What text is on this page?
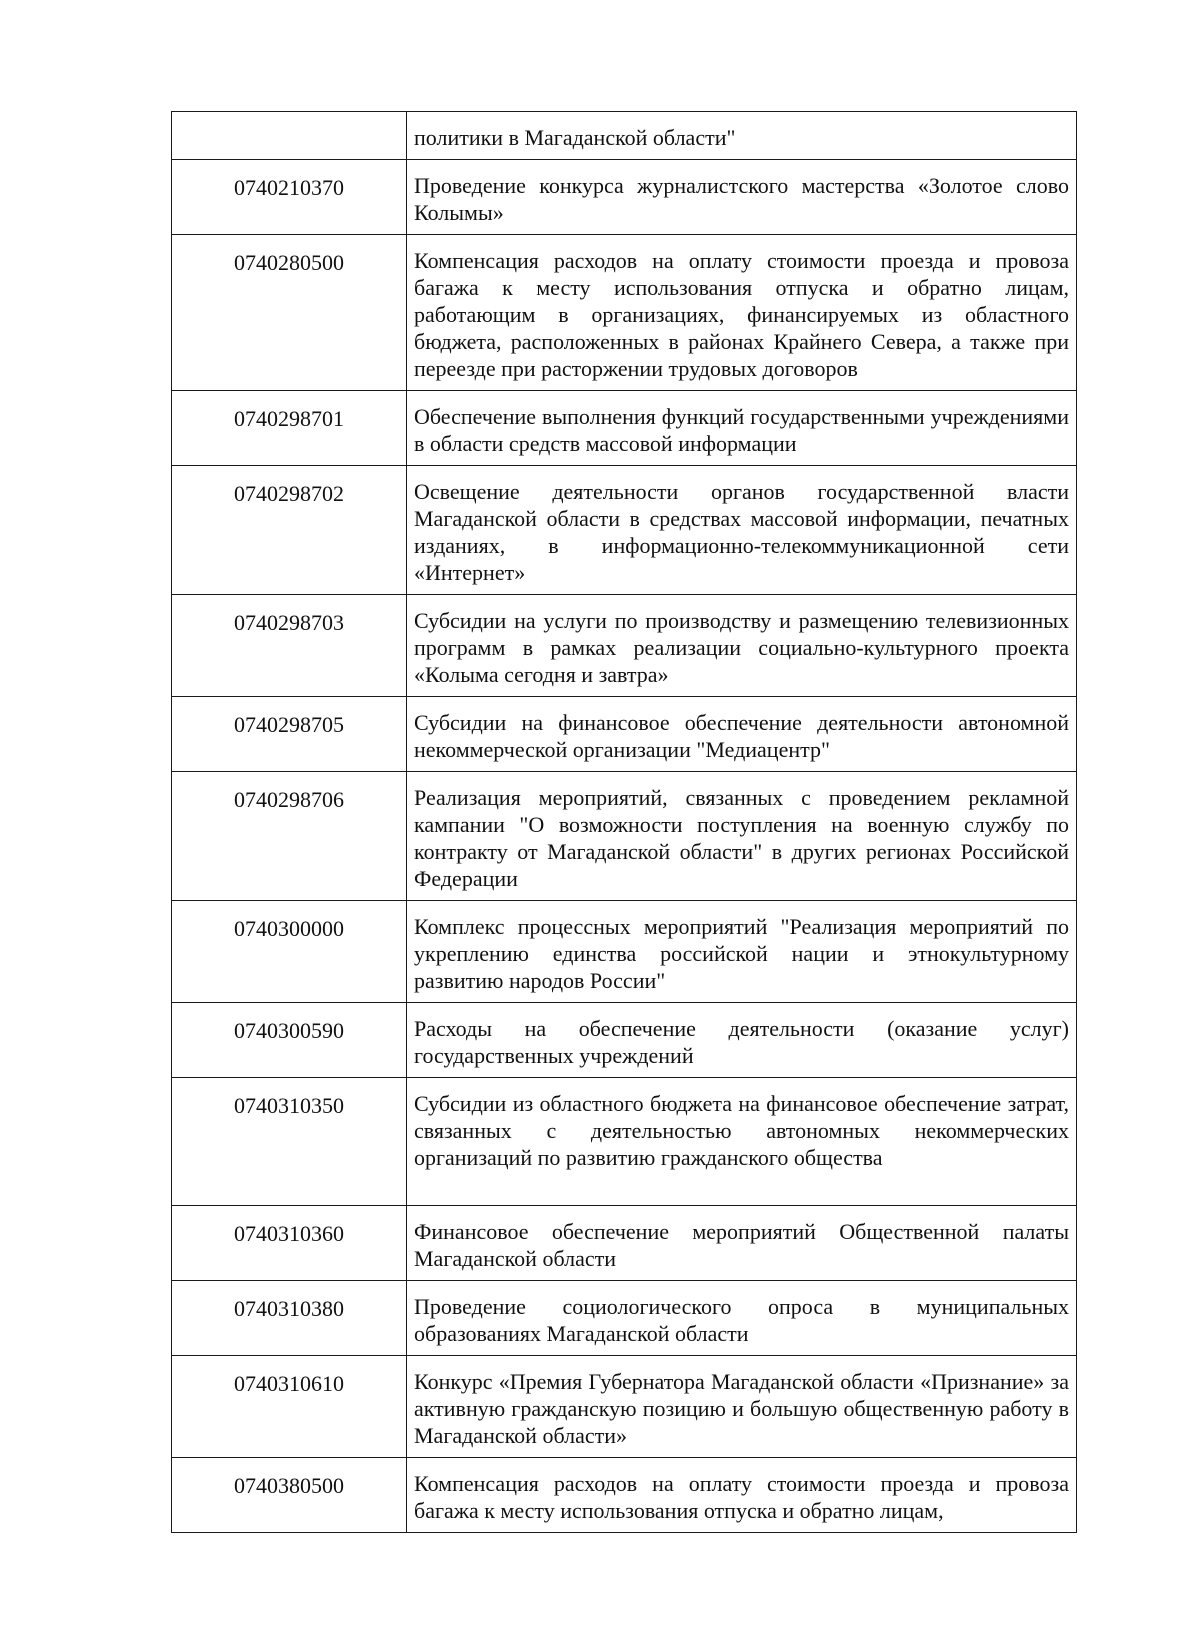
	политики в Магаданской области"

0740210370	Проведение конкурса журналистского мастерства «Золотое слово Колымы»

0740280500	Компенсация расходов на оплату стоимости проезда и провоза багажа к месту использования отпуска и обратно лицам, работающим в организациях, финансируемых из областного бюджета, расположенных в районах Крайнего Севера, а также при переезде при расторжении трудовых договоров

0740298701	Обеспечение выполнения функций государственными учреждениями в области средств массовой информации

0740298702	Освещение деятельности органов государственной власти Магаданской области в средствах массовой информации, печатных изданиях, в информационно-телекоммуникационной сети «Интернет»

0740298703	Субсидии на услуги по производству и размещению телевизионных программ в рамках реализации социально-культурного проекта «Колыма сегодня и завтра»

0740298705	Субсидии на финансовое обеспечение деятельности автономной некоммерческой организации "Медиацентр"

0740298706	Реализация мероприятий, связанных с проведением рекламной кампании "О возможности поступления на военную службу по контракту от Магаданской области" в других регионах Российской Федерации

0740300000	Комплекс процессных мероприятий "Реализация мероприятий по укреплению единства российской нации и этнокультурному развитию народов России"

0740300590	Расходы на обеспечение деятельности (оказание услуг) государственных учреждений

0740310350	Субсидии из областного бюджета на финансовое обеспечение затрат, связанных с деятельностью автономных некоммерческих организаций по развитию гражданского общества

0740310360	Финансовое обеспечение мероприятий Общественной палаты Магаданской области

0740310380	Проведение социологического опроса в муниципальных образованиях Магаданской области

0740310610	Конкурс «Премия Губернатора Магаданской области «Признание» за активную гражданскую позицию и большую общественную работу в Магаданской области»

0740380500	Компенсация расходов на оплату стоимости проезда и провоза багажа к месту использования отпуска и обратно лицам,
